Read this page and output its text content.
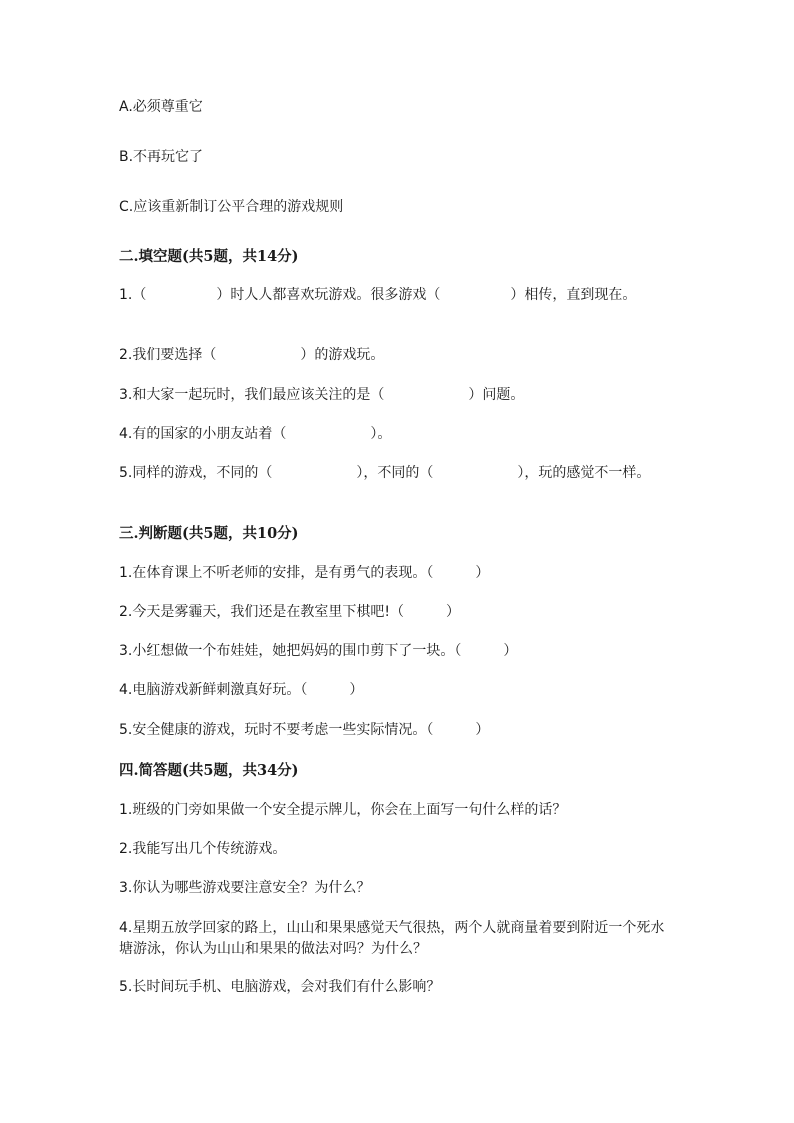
A.必须尊重它
B.不再玩它了
C.应该重新制订公平合理的游戏规则
二.填空题(共5题，共14分)
1.（　　　　　）时人人都喜欢玩游戏。很多游戏（　　　　　）相传，直到现在。
2.我们要选择（　　　　　　）的游戏玩。
3.和大家一起玩时，我们最应该关注的是（　　　　　　）问题。
4.有的国家的小朋友站着（　　　　　　）。
5.同样的游戏，不同的（　　　　　　），不同的（　　　　　　），玩的感觉不一样。
三.判断题(共5题，共10分)
1.在体育课上不听老师的安排，是有勇气的表现。（　　　）
2.今天是雾霾天，我们还是在教室里下棋吧!（　　　）
3.小红想做一个布娃娃，她把妈妈的围巾剪下了一块。（　　　）
4.电脑游戏新鲜刺激真好玩。（　　　）
5.安全健康的游戏，玩时不要考虑一些实际情况。（　　　）
四.简答题(共5题，共34分)
1.班级的门旁如果做一个安全提示牌儿，你会在上面写一句什么样的话？
2.我能写出几个传统游戏。
3.你认为哪些游戏要注意安全？为什么？
4.星期五放学回家的路上，山山和果果感觉天气很热，两个人就商量着要到附近一个死水塘游泳，你认为山山和果果的做法对吗？为什么？
5.长时间玩手机、电脑游戏，会对我们有什么影响？
